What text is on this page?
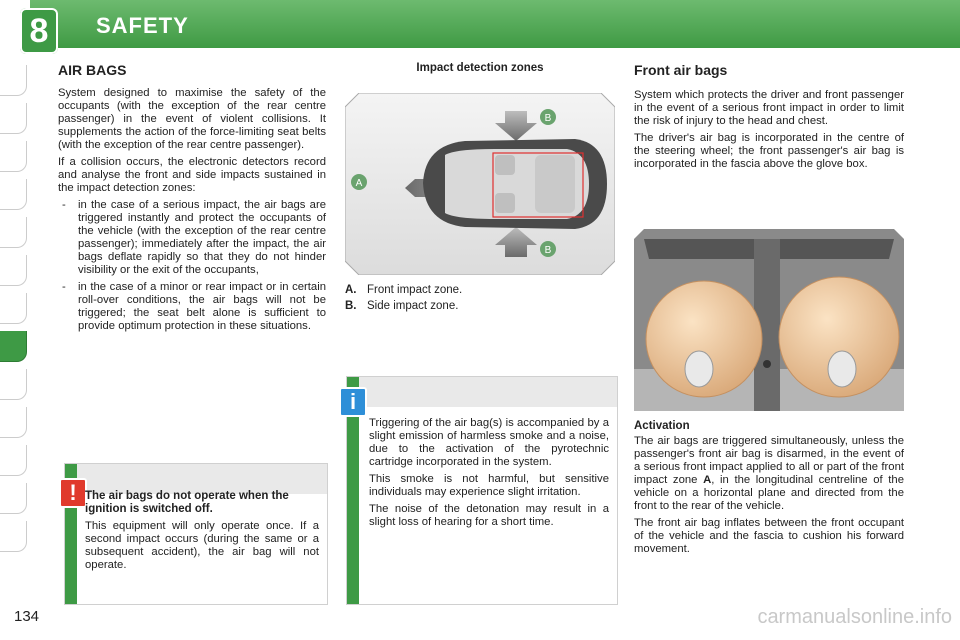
8	SAFETY
AIR BAGS

System designed to maximise the safety of the occupants (with the exception of the rear centre passenger) in the event of violent collisions. It supplements the action of the force-limiting seat belts (with the exception of the rear centre passenger).

If a collision occurs, the electronic detectors record and analyse the front and side impacts sustained in the impact detection zones:

- in the case of a serious impact, the air bags are triggered instantly and protect the occupants of the vehicle (with the exception of the rear centre passenger); immediately after the impact, the air bags deflate rapidly so that they do not hinder visibility or the exit of the occupants,
- in the case of a minor or rear impact or in certain roll-over conditions, the air bags will not be triggered; the seat belt alone is sufficient to provide optimum protection in these situations.
! The air bags do not operate when the ignition is switched off.

This equipment will only operate once. If a second impact occurs (during the same or a subsequent accident), the air bag will not operate.

Impact detection zones
A
B
B
A. Front impact zone.
B. Side impact zone.
i

Triggering of the air bag(s) is accompanied by a slight emission of harmless smoke and a noise, due to the activation of the pyrotechnic cartridge incorporated in the system.

This smoke is not harmful, but sensitive individuals may experience slight irritation.

The noise of the detonation may result in a slight loss of hearing for a short time.

Front air bags

System which protects the driver and front passenger in the event of a serious front impact in order to limit the risk of injury to the head and chest.

The driver's air bag is incorporated in the centre of the steering wheel; the front passenger's air bag is incorporated in the fascia above the glove box.

Activation

The air bags are triggered simultaneously, unless the passenger's front air bag is disarmed, in the event of a serious front impact applied to all or part of the front impact zone A, in the longitudinal centreline of the vehicle on a horizontal plane and directed from the front to the rear of the vehicle.

The front air bag inflates between the front occupant of the vehicle and the fascia to cushion his forward movement.

134	carmanualsonline.info
